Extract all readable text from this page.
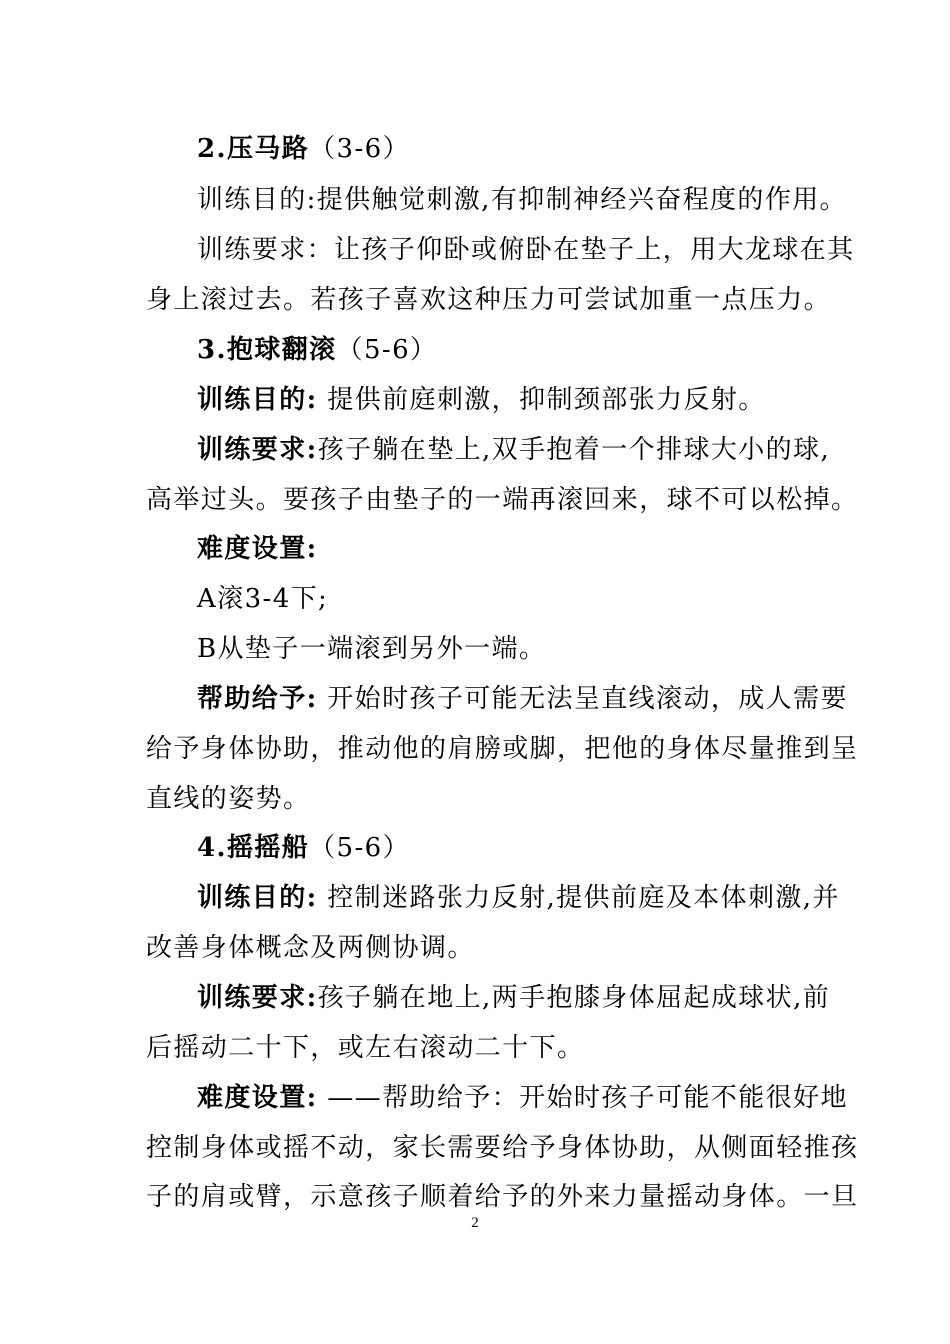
2.压马路（3-6）
训练目的:提供触觉刺激,有抑制神经兴奋程度的作用。
训练要求：让孩子仰卧或俯卧在垫子上，用大龙球在其
身上滚过去。若孩子喜欢这种压力可尝试加重一点压力。
3.抱球翻滚（5-6）
训练目的: 提供前庭刺激，抑制颈部张力反射。
训练要求:孩子躺在垫上,双手抱着一个排球大小的球,
高举过头。要孩子由垫子的一端再滚回来，球不可以松掉。
难度设置:
A滚3-4下;
B从垫子一端滚到另外一端。
帮助给予: 开始时孩子可能无法呈直线滚动，成人需要
给予身体协助，推动他的肩膀或脚，把他的身体尽量推到呈
直线的姿势。
4.摇摇船（5-6）
训练目的: 控制迷路张力反射,提供前庭及本体刺激,并
改善身体概念及两侧协调。
训练要求:孩子躺在地上,两手抱膝身体屈起成球状,前
后摇动二十下，或左右滚动二十下。
难度设置: ——帮助给予：开始时孩子可能不能很好地
控制身体或摇不动，家长需要给予身体协助，从侧面轻推孩
子的肩或臂，示意孩子顺着给予的外来力量摇动身体。一旦
2
